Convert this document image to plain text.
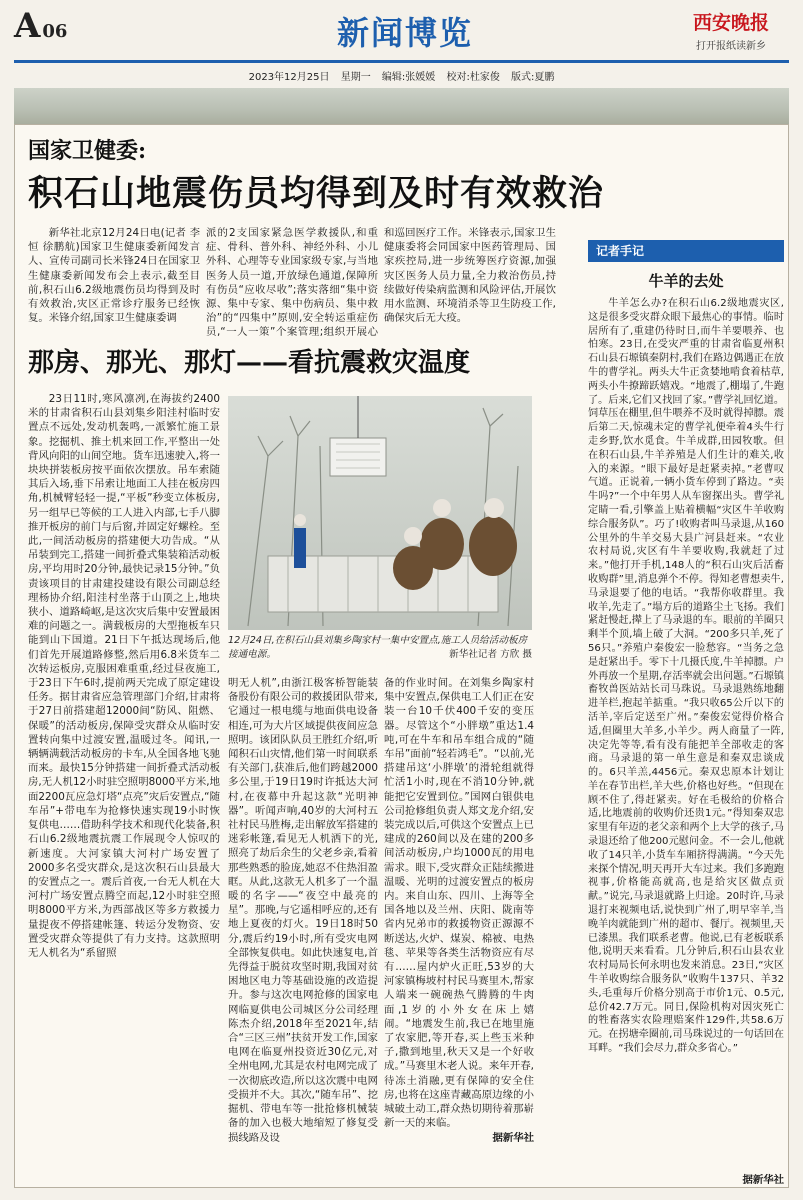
A 06	新闻博览	西安晚报
打开报纸读新乡
2023年12月25日 星期一 编辑:张媛媛 校对:杜家俊 版式:夏鹏
国家卫健委:
积石山地震伤员均得到及时有效救治

新华社北京12月24日电(记者 李恒 徐鹏航)国家卫生健康委新闻发言人、宣传司副司长米锋24日在国家卫生健康委新闻发布会上表示,截至目前,积石山6.2级地震伤员均得到及时有效救治,灾区正常诊疗服务已经恢复。米锋介绍,国家卫生健康委调

派的2支国家紧急医学救援队,和重症、骨科、普外科、神经外科、小儿外科、心理等专业国家级专家,与当地医务人员一道,开放绿色通道,保障所有伤员“应收尽收”;落实落细“集中资源、集中专家、集中伤病员、集中救治”的“四集中”原则,安全转运重症伤员,“一人一策”个案管理;组织开展心

和巡回医疗工作。米锋表示,国家卫生健康委将会同国家中医药管理局、国家疾控局,进一步统筹医疗资源,加强灾区医务人员力量,全力救治伤员,持续做好传染病监测和风险评估,开展饮用水监测、环境消杀等卫生防疫工作,确保灾后无大疫。

那房、那光、那灯——看抗震救灾温度

23日11时,寒风凛冽,在海拔约2400米的甘肃省积石山县刘集乡阳洼村临时安置点不远处,发动机轰鸣,一派繁忙施工景象。挖掘机、推土机来回工作,平整出一处背风向阳的山间空地。货车迅速驶入,将一块块拼装板房按平面依次摆放。吊车索随其后入场,垂下吊索让地面工人挂在板房四角,机械臂轻轻一提,“平板”秒变立体板房,另一组早已等候的工人进入内部,七手八脚推开板房的前门与后窗,并固定好螺栓。至此,一间活动板房的搭建便大功告成。“从吊装到完工,搭建一间折叠式集装箱活动板房,平均用时20分钟,最快记录15分钟。”负责该项目的甘肃建投建设有限公司副总经理杨协介绍,阳洼村坐落于山顶之上,地块狭小、道路崎岖,是这次灾后集中安置最困难的问题之一。满载板房的大型拖板车只能到山下国道。21日下午抵达现场后,他们首先开展道路修整,然后用6.8米货车二次转运板房,克服困难重重,经过昼夜施工,于23日下午6时,提前两天完成了原定建设任务。据甘肃省应急管理部门介绍,甘肃将于27日前搭建超12000间“防风、阻燃、保暖”的活动板房,保障受灾群众从临时安置转向集中过渡安置,温暖过冬。闻讯,一辆辆满载活动板房的卡车,从全国各地飞驰而来。最快15分钟搭建一间折叠式活动板房,无人机12小时驻空照明8000平方米,地面2200瓦应急灯塔“点亮”灾后安置点,“随车吊”+带电车为抢修快速实现19小时恢复供电……借助科学技术和现代化装备,积石山6.2级地震抗震工作展现令人惊叹的新速度。大河家镇大河村广场安置了2000多名受灾群众,是这次积石山县最大的安置点之一。震后首夜,一台无人机在大河村广场安置点腾空而起,12小时驻空照明8000平方米,为西部战区等多方救援力量提夜不停搭建帐篷、转运分发物资、安置受灾群众等提供了有力支持。这款照明无人机名为“系留照

12月24日,在积石山县刘集乡陶家村一集中安置点,施工人员给活动板房接通电源。	新华社记者 方欣 摄

明无人机”,由浙江极客桥智能装备股份有限公司的救援团队带来,它通过一根电缆与地面供电设备相连,可为大片区域提供夜间应急照明。该团队队员王胜红介绍,听闻积石山灾情,他们第一时间联系有关部门,获准后,他们跨越2000多公里,于19日19时许抵达大河村,在夜幕中升起这款“光明神器”。听闻声响,40岁的大河村五社村民马胜梅,走出解放军搭建的迷彩帐篷,看见无人机洒下的光,照亮了劫后余生的父老乡亲,看着那些熟悉的脸庞,她忍不住热泪盈眶。从此,这款无人机多了一个温暖的名字——“夜空中最亮的星”。那晚,与它遥相呼应的,还有地上夏夜的灯火。19日18时50分,震后约19小时,所有受灾电网全部恢复供电。如此快速复电,首先得益于脱贫攻坚时期,我国对贫困地区电力等基础设施的改造提升。参与这次电网抢修的国家电网临夏供电公司城区分公司经理陈杰介绍,2018年至2021年,结合“三区三州”扶贫开发工作,国家电网在临夏州投资近30亿元,对全州电网,尤其是农村电网完成了一次彻底改造,所以这次震中电网受损并不大。其次,“随车吊”、挖掘机、带电车等一批抢修机械装备的加入也极大地缩短了修复受损线路及设

备的作业时间。在刘集乡陶家村集中安置点,保供电工人们正在安装一台10千伏400千安的变压器。尽管这个“小胖墩”重达1.4吨,可在牛车和吊车组合成的“随车吊”面前“轻若鸿毛”。“以前,光搭建吊这‘小胖墩’的滑轮组就得忙活1小时,现在不消10分钟,就能把它安置到位。”国网白银供电公司抢修组负责人郑文龙介绍,安装完成以后,可供这个安置点上已建成的260间以及在建的200多间活动板房,户均1000瓦的用电需求。眼下,受灾群众正陆续搬进温暖、光明的过渡安置点的板房内。来自山东、四川、上海等全国各地以及兰州、庆阳、陇南等省内兄弟市的救援物资正源源不断送达,火炉、煤炭、棉被、电热毯、苹果等各类生活物资应有尽有……屋内炉火正旺,53岁的大河家镇梅坡村村民马赛里木,帮家人端来一碗碗热气腾腾的牛肉面,1岁的小外女在床上嬉闹。“地震发生前,我已在地里施了农家肥,等开春,买上些玉米种子,撒到地里,秋天又是一个好收成。”马赛里木老人说。来年开春,待冻土消融,更有保障的安全住房,也将在这座青藏高原边缘的小城破土动工,群众热切期待着那崭新一天的来临。

据新华社
记者手记
牛羊的去处

牛羊怎么办?在积石山6.2级地震灾区,这是很多受灾群众眼下最焦心的事情。临时居所有了,重建仍待时日,而牛羊要喂养、也怕寒。23日,在受灾严重的甘肃省临夏州积石山县石塬镇秦阴村,我们在路边偶遇正在放牛的曹学礼。两头大牛正贪婪地啃食着枯草,两头小牛撩蹄跃嬉戏。“地震了,棚塌了,牛跑了。后来,它们又找回了家。”曹学礼回忆道。饲草压在棚里,但牛喂养不及时就得掉膘。震后第二天,惊魂未定的曹学礼便牵着4头牛行走乡野,饮水觅食。牛羊成群,田园牧歌。但在积石山县,牛羊养殖是人们生计的难关,收入的来源。“眼下最好是赶紧卖掉。”老曹叹气道。正说着,一辆小货车停到了路边。“卖牛吗?”一个中年男人从车窗探出头。曹学礼定睛一看,引擎盖上贴着横幅“灾区牛羊收购综合服务队”。巧了!收购者叫马录退,从160公里外的牛羊交易大县广河县赶来。“农业农村局说,灾区有牛羊要收购,我就赶了过来。”他打开手机,148人的“积石山灾后活畜收购群”里,消息弹个不停。得知老曹想卖牛,马录退要了他的电话。“我帮你收群里。我收羊,先走了。”塌方后的道路尘土飞扬。我们紧赶慢赶,撵上了马录退的车。眼前的羊圈只剩半个顶,墙上破了大洞。“200多只羊,死了56只。”养殖户秦俊宏一脸愁容。“当务之急是赶紧出手。零下十几摄氏度,牛羊掉膘。户外再放一个星期,存活率就会出问题。”石塬镇畜牧兽医站站长司马珠说。马录退熟练地翻进羊栏,抱起羊掂重。“我只收65公斤以下的活羊,宰后定送至广州。”秦俊宏觉得价格合适,但圈里大羊多,小羊少。两人商量了一阵,决定先等等,看有没有能把羊全部收走的客商。马录退的第一单生意是和秦双忠谈成的。6只羊羔,4456元。秦双忠原本计划让羊在春节出栏,羊大些,价格也好些。“但现在顾不住了,得赶紧卖。好在毛极给的价格合适,比地震前的收购价还贵1元。”得知秦双忠家里有年迈的老父亲和两个上大学的孩子,马录退还给了他200元慰问金。不一会儿,他就收了14只羊,小货车车厢挤得满满。“今天先来探个情况,明天再开大车过来。我们多跑跑视事,价格能高就高,也是给灾区做点贡献。”说完,马录退就路上归途。20时许,马录退打来视频电话,说快到广州了,明早宰羊,当晚羊肉就能到广州的超市、餐厅。视频里,天已漆黑。我们联系老曹。他说,已有老板联系他,说明天来看看。几分钟后,积石山县农业农村局局长何永明也发来消息。23日,“灾区牛羊收购综合服务队”收购牛137只、羊32头,毛重每斤价格分别高于市价1元、0.5元,总价42.7万元。同日,保险机构对因灾死亡的牲畜落实农险理赔案件129件,共58.6万元。在拐塘牵圈前,司马珠说过的一句话回在耳畔。“我们会尽力,群众多省心。”

据新华社
